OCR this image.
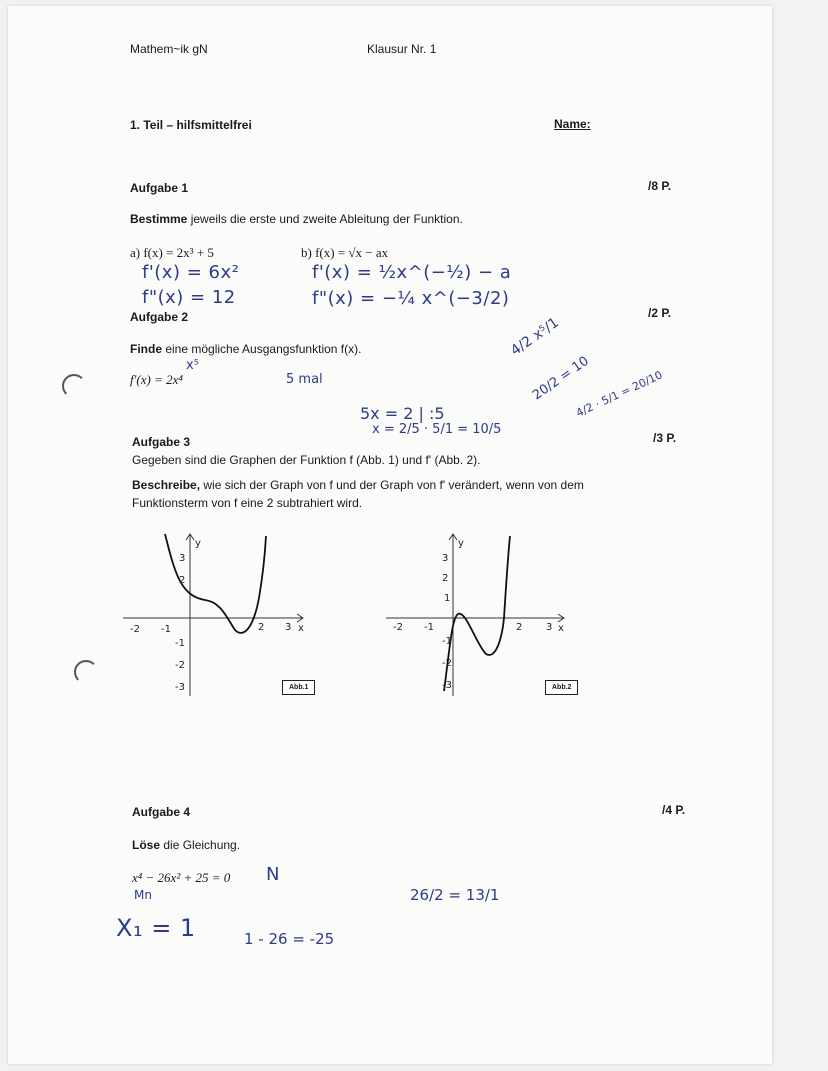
Mathem~ik gN	Klausur Nr. 1
1. Teil – hilfsmittelfrei	Name:
Aufgabe 1	/8 P.
Bestimme jeweils die erste und zweite Ableitung der Funktion.
a) f(x) = 2x³ + 5	b) f(x) = √x − ax
f'(x) = 6x²
f"(x) = 12
f'(x) = ½x^(−½) − a
f"(x) = −¼ x^(−3/2)
Aufgabe 2	/2 P.
Finde eine mögliche Ausgangsfunktion f(x).
f'(x) = 2x⁴
x⁵
5 mal
5x = 2 | :5
x = 2/5 · 5/1 = 10/5
4/2 x⁵/1
20/2 = 10
4/2 · 5/1 = 20/10
Aufgabe 3	/3 P.
Gegeben sind die Graphen der Funktion f (Abb. 1) und f' (Abb. 2).
Beschreibe, wie sich der Graph von f und der Graph von f' verändert, wenn von dem
Funktionsterm von f eine 2 subtrahiert wird.
-2 -1	2 3 x
y
3
2
-1
-2
-3	Abb.1
-2 -1	2 3 x
y
3
2
1
-1
-2
-3	Abb.2
Aufgabe 4	/4 P.
Löse die Gleichung.
x⁴ − 26x² + 25 = 0 N
Mn
X₁ = 1	1 - 26 = -25
26/2 = 13/1
